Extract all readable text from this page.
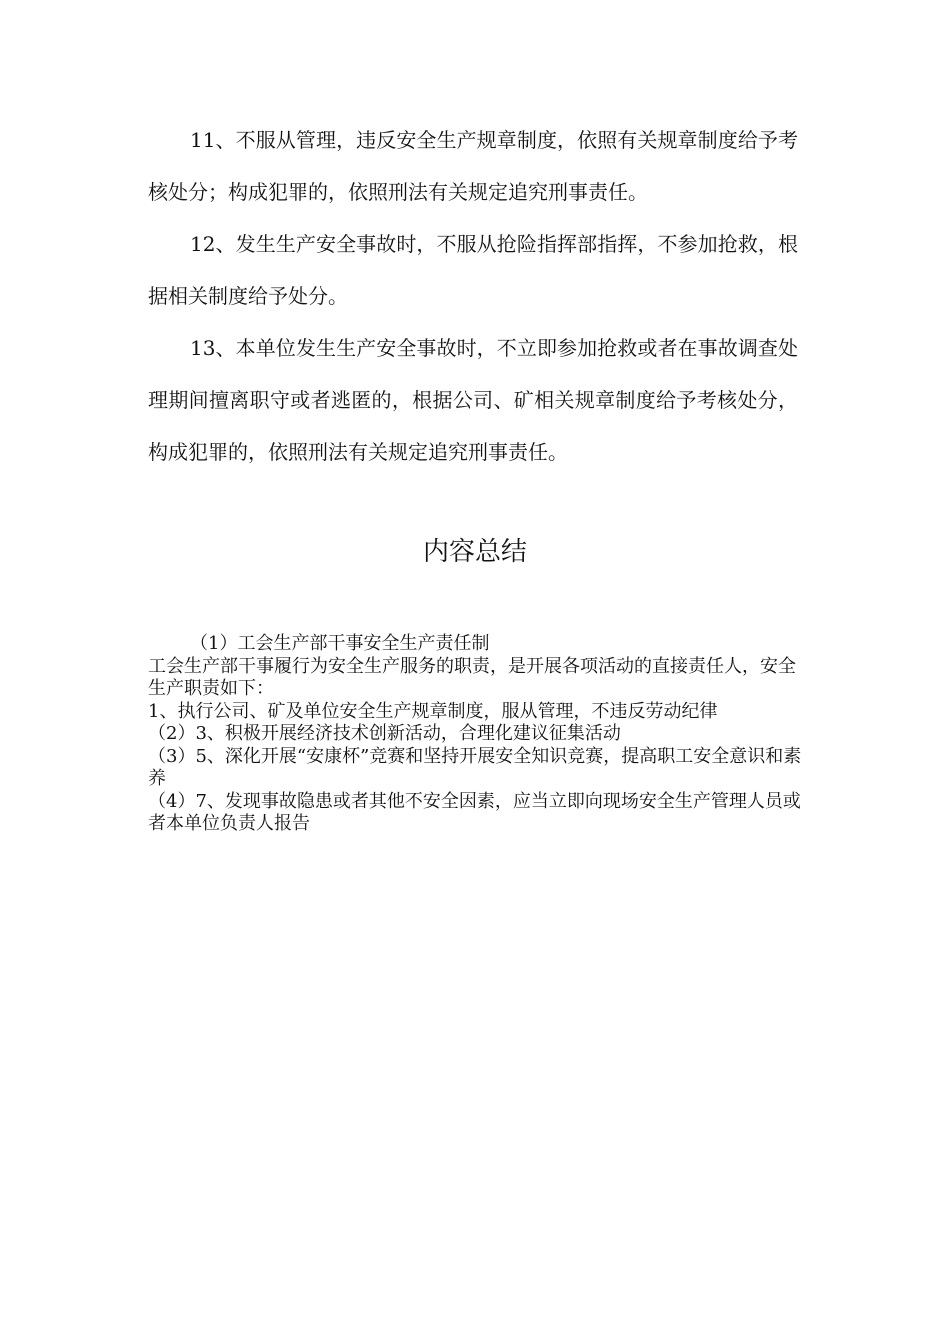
11、不服从管理，违反安全生产规章制度，依照有关规章制度给予考核处分；构成犯罪的，依照刑法有关规定追究刑事责任。

12、发生生产安全事故时，不服从抢险指挥部指挥，不参加抢救，根据相关制度给予处分。

13、本单位发生生产安全事故时，不立即参加抢救或者在事故调查处理期间擅离职守或者逃匿的，根据公司、矿相关规章制度给予考核处分，构成犯罪的，依照刑法有关规定追究刑事责任。

内容总结

（1）工会生产部干事安全生产责任制

工会生产部干事履行为安全生产服务的职责，是开展各项活动的直接责任人，安全生产职责如下：

1、执行公司、矿及单位安全生产规章制度，服从管理，不违反劳动纪律

（2）3、积极开展经济技术创新活动，合理化建议征集活动

（3）5、深化开展“安康杯”竞赛和坚持开展安全知识竞赛，提高职工安全意识和素养

（4）7、发现事故隐患或者其他不安全因素，应当立即向现场安全生产管理人员或者本单位负责人报告
